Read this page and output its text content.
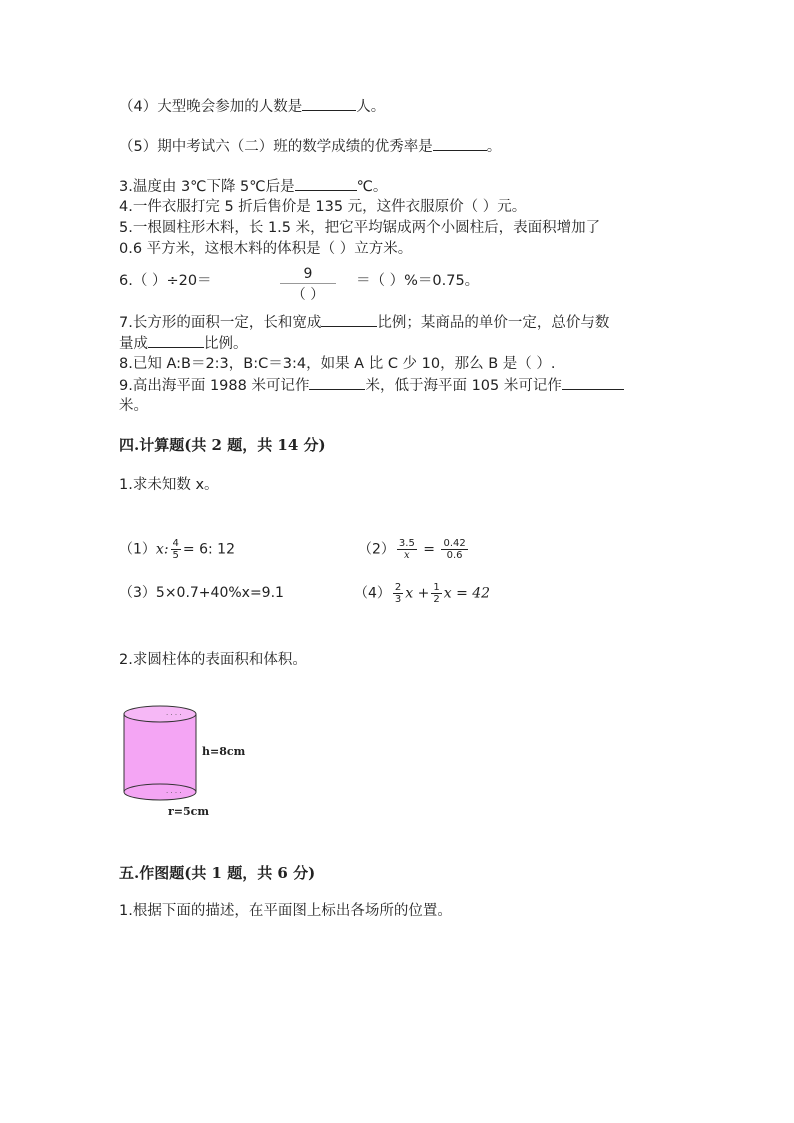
（4）大型晚会参加的人数是	人。
（5）期中考试六（二）班的数学成绩的优秀率是	。
3.温度由 3℃下降 5℃后是	℃。
4.一件衣服打完 5 折后售价是 135 元，这件衣服原价（ ）元。
5.一根圆柱形木料，长 1.5 米，把它平均锯成两个小圆柱后，表面积增加了
0.6 平方米，这根木料的体积是（ ）立方米。
6.（ ）÷20＝	9
（ ）
＝（ ）%＝0.75。
7.长方形的面积一定，长和宽成	比例；某商品的单价一定，总价与数
量成	比例。
8.已知 A:B＝2:3，B:C＝3:4，如果 A 比 C 少 10，那么 B 是（ ）.
9.高出海平面 1988 米可记作	米，低于海平面 105 米可记作
米。
四.计算题(共 2 题，共 14 分)
1.求未知数 x。
（1）x: $\frac{4}{5} = 6$: 12	$(2) \frac{3.5}{x} = \frac{0.42}{0.6}$
（3）5×0.7+40%x=9.1	$(4) \frac{2}{3}$ $x + \frac{1}{2}$ x = 42
2.求圆柱体的表面积和体积。
· · · ·
· · · ·
h=8cm
r=5cm
五.作图题(共 1 题，共 6 分)
1.根据下面的描述，在平面图上标出各场所的位置。
